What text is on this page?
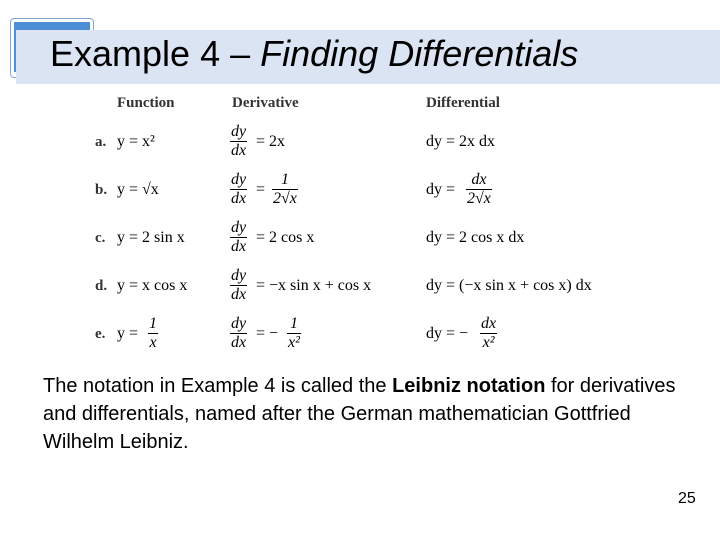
Example 4 – Finding Differentials
Function	Derivative	Differential
a. y = x²	$\frac{dy}{dx} = 2x$	dy = 2x dx
b. y = √x	$\frac{dy}{dx} = \frac{1}{2√x}$	dy = $\frac{dx}{2√x}$
c. y = 2 sin x	$\frac{dy}{dx} = 2$ cos x	dy = 2 cos x dx
d. y = x cos x	$\frac{dy}{dx} = -x$ sin x + cos x	dy = (−x sin x + cos x) dx
e. $y = \frac{1}{x}$	$\frac{dy}{dx}$ = − $\frac{1}{\text{x²}}$	dy = − $\frac{dx}{\text{x²}}$
The notation in Example 4 is called the Leibniz notation for derivatives and differentials, named after the German mathematician Gottfried Wilhelm Leibniz.
25
